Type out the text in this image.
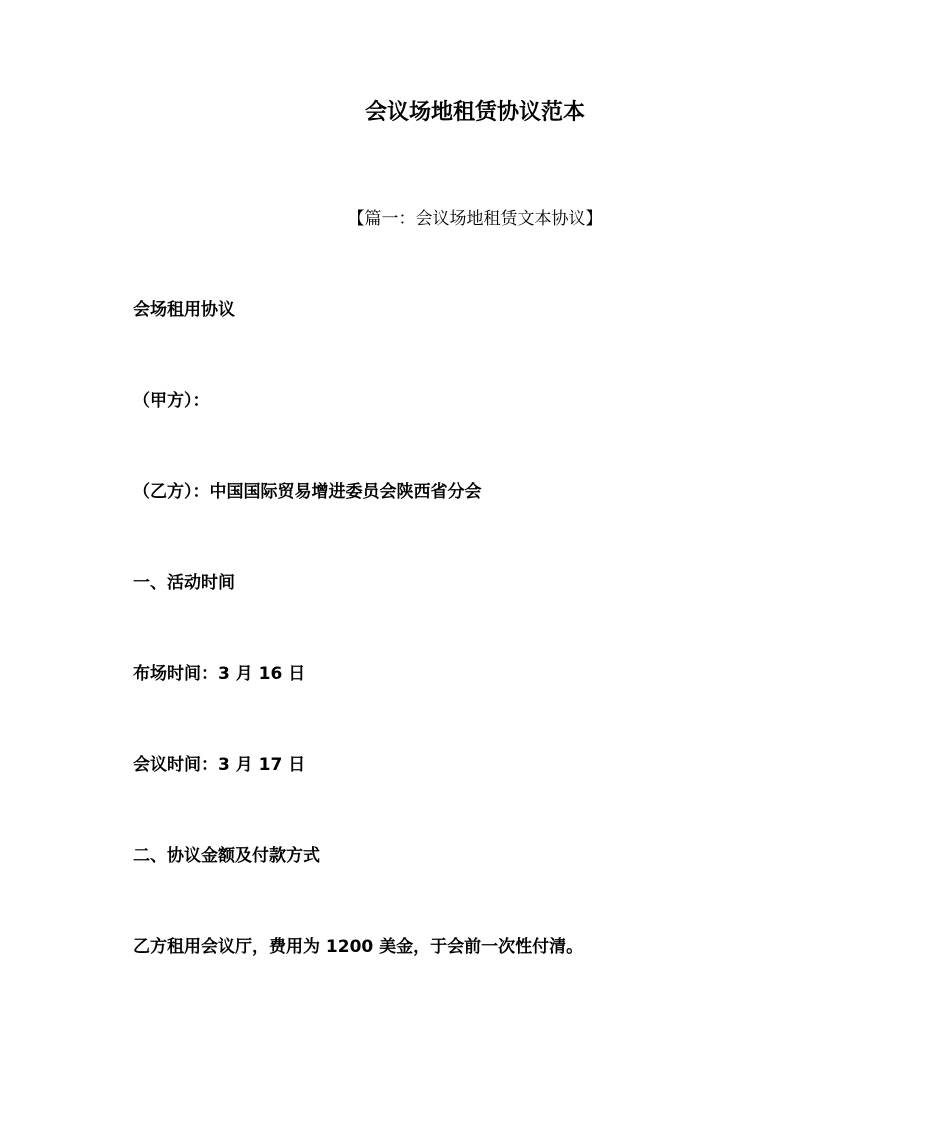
会议场地租赁协议范本
【篇一：会议场地租赁文本协议】
会场租用协议
（甲方）：
（乙方）：中国国际贸易增进委员会陕西省分会
一、活动时间
布场时间：3 月 16 日
会议时间：3 月 17 日
二、协议金额及付款方式
乙方租用会议厅，费用为 1200 美金，于会前一次性付清。
